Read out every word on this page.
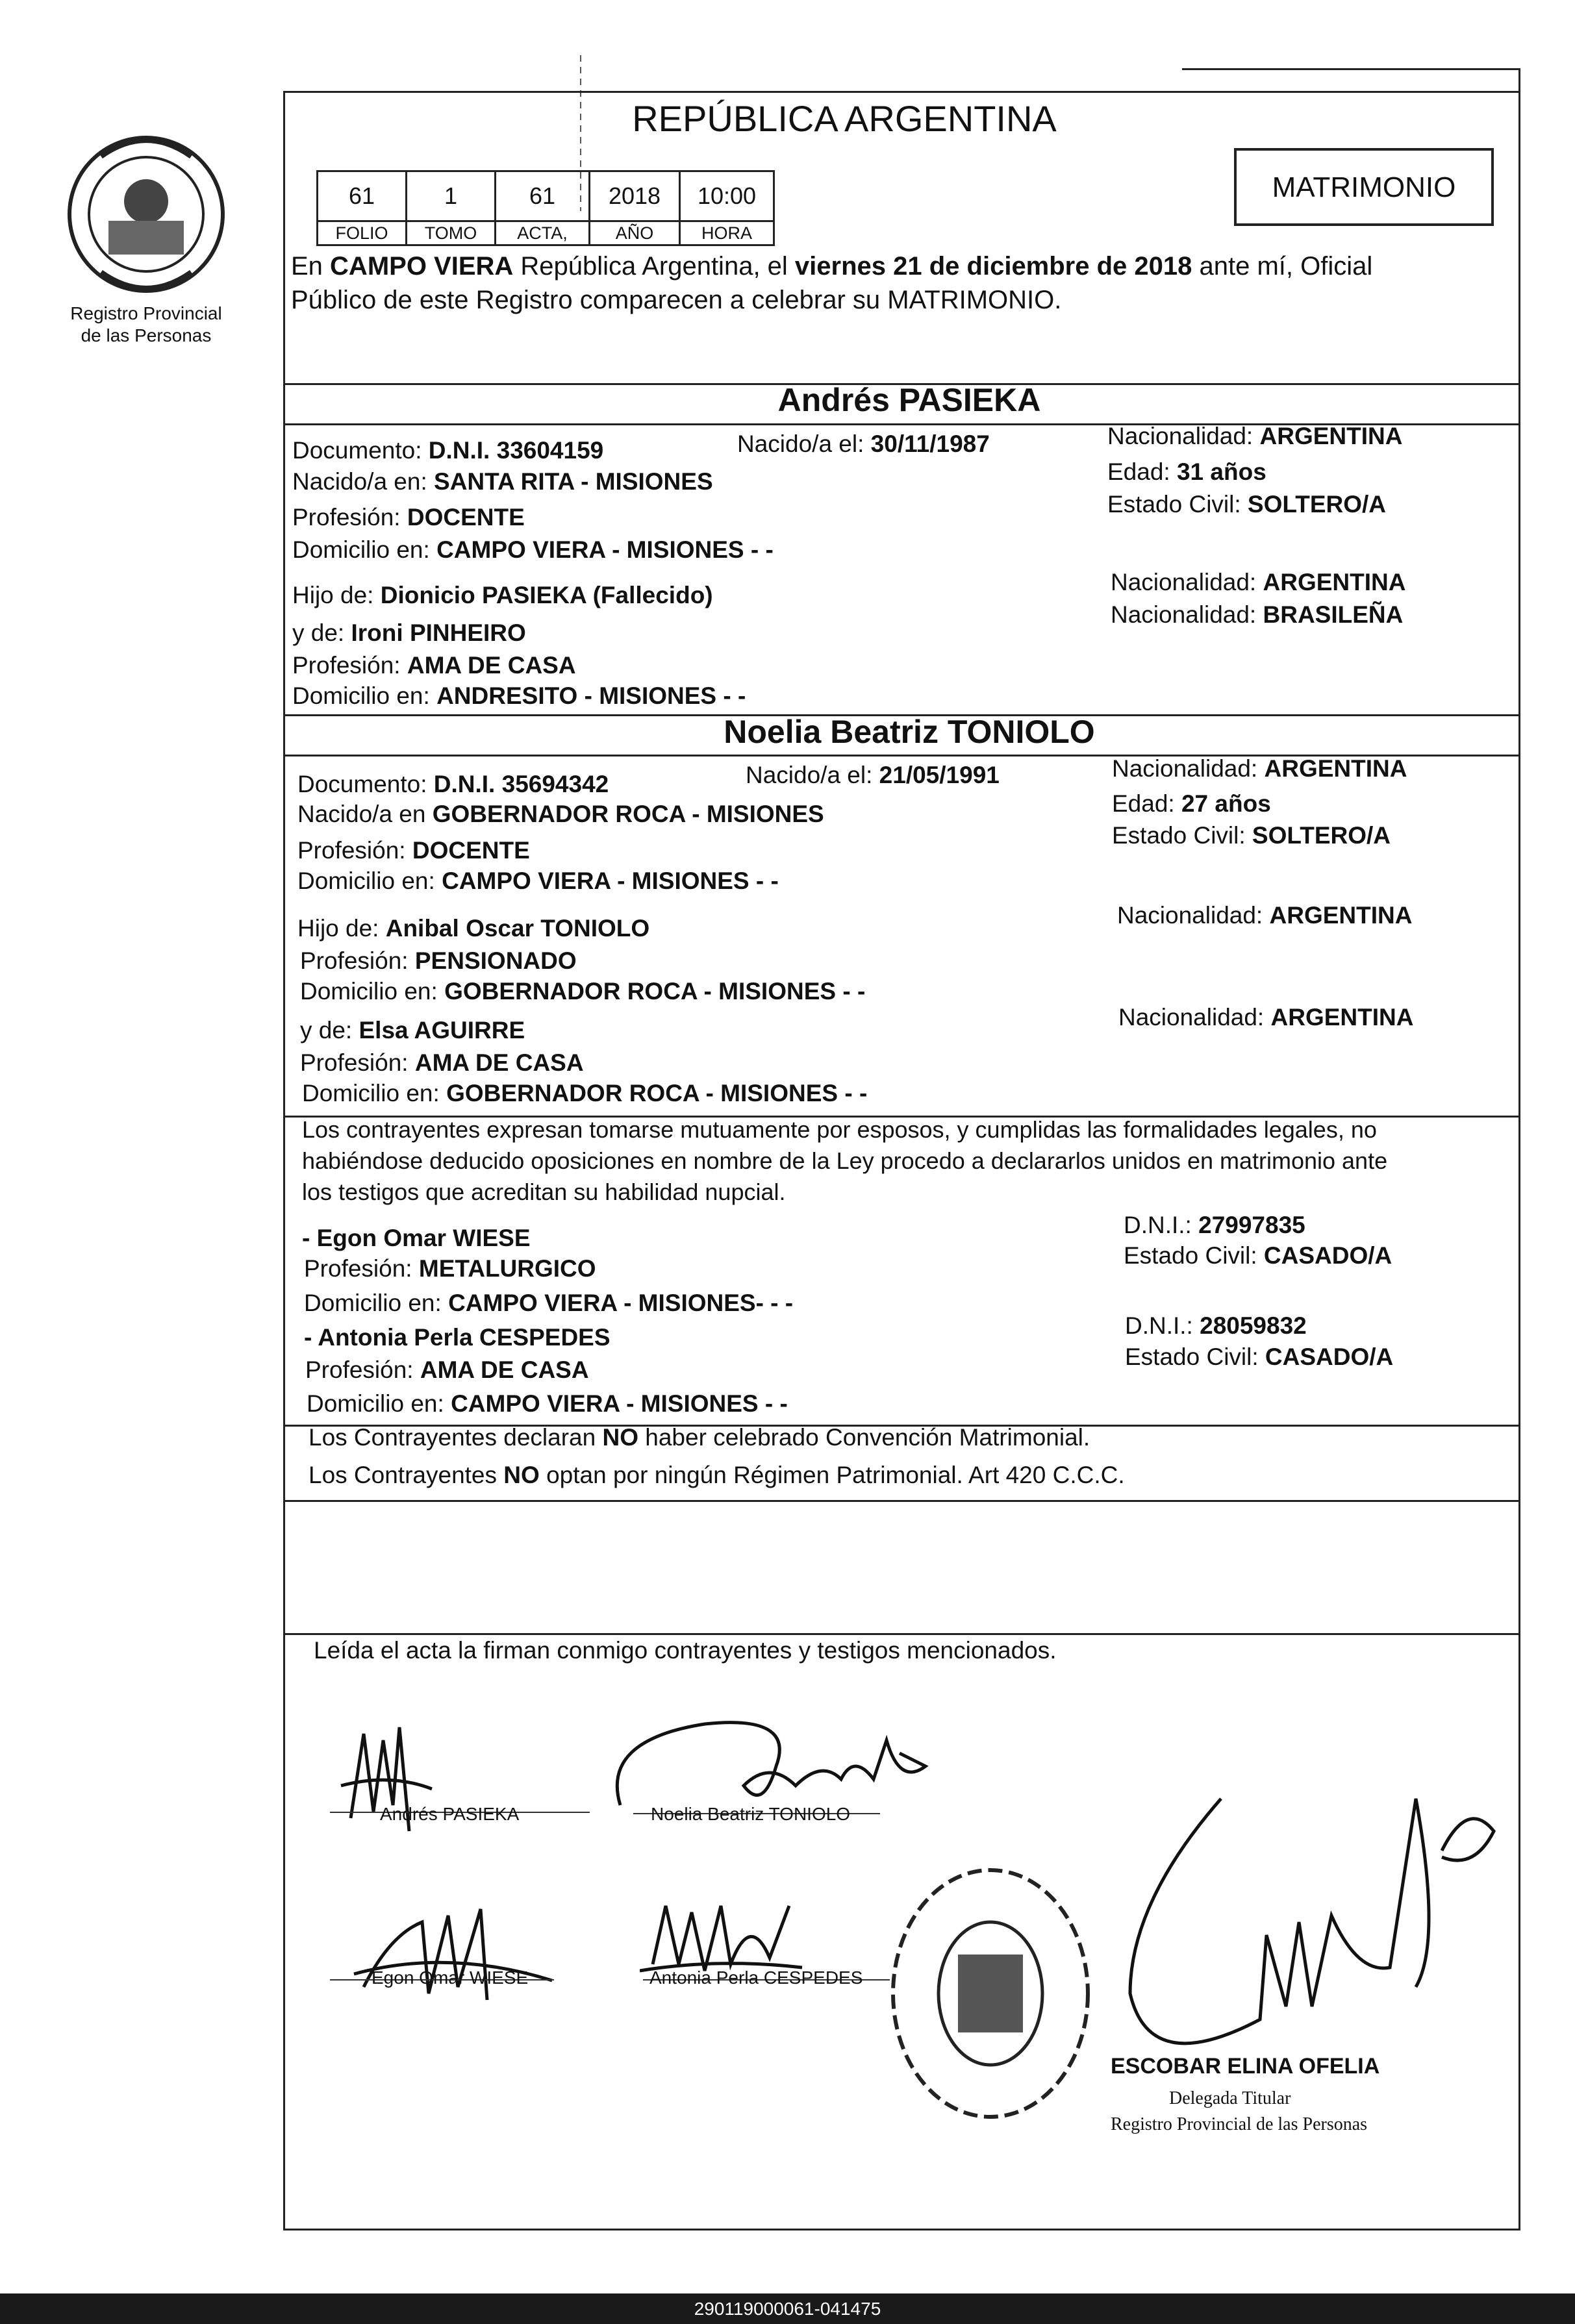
Registro Provincial
de las Personas
REPÚBLICA ARGENTINA
MATRIMONIO
61	1	61	2018	10:00
FOLIO	TOMO	ACTA,	AÑO	HORA
En CAMPO VIERA República Argentina, el viernes 21 de diciembre de 2018 ante mí, Oficial
Público de este Registro comparecen a celebrar su MATRIMONIO.
Andrés PASIEKA
Documento: D.N.I. 33604159	Nacido/a el: 30/11/1987	Nacionalidad: ARGENTINA
Nacido/a en: SANTA RITA - MISIONES	Edad: 31 años
Profesión: DOCENTE	Estado Civil: SOLTERO/A
Domicilio en: CAMPO VIERA - MISIONES - -
Hijo de: Dionicio PASIEKA (Fallecido)	Nacionalidad: ARGENTINA
y de: Ironi PINHEIRO
Nacionalidad: BRASILEÑA
Profesión: AMA DE CASA
Domicilio en: ANDRESITO - MISIONES - -
Noelia Beatriz TONIOLO
Documento: D.N.I. 35694342	Nacido/a el: 21/05/1991	Nacionalidad: ARGENTINA
Nacido/a en GOBERNADOR ROCA - MISIONES	Edad: 27 años
Profesión: DOCENTE
Estado Civil: SOLTERO/A
Domicilio en: CAMPO VIERA - MISIONES - -
Hijo de: Anibal Oscar TONIOLO	Nacionalidad: ARGENTINA
Profesión: PENSIONADO
Domicilio en: GOBERNADOR ROCA - MISIONES - -
y de: Elsa AGUIRRE	Nacionalidad: ARGENTINA
Profesión: AMA DE CASA
Domicilio en: GOBERNADOR ROCA - MISIONES - -
Los contrayentes expresan tomarse mutuamente por esposos, y cumplidas las formalidades legales, no
habiéndose deducido oposiciones en nombre de la Ley procedo a declararlos unidos en matrimonio ante
los testigos que acreditan su habilidad nupcial.
- Egon Omar WIESE	D.N.I.: 27997835
Profesión: METALURGICO	Estado Civil: CASADO/A
Domicilio en: CAMPO VIERA - MISIONES- - -
- Antonia Perla CESPEDES	D.N.I.: 28059832
Profesión: AMA DE CASA	Estado Civil: CASADO/A
Domicilio en: CAMPO VIERA - MISIONES - -
Los Contrayentes declaran NO haber celebrado Convención Matrimonial.
Los Contrayentes NO optan por ningún Régimen Patrimonial. Art 420 C.C.C.
Leída el acta la firman conmigo contrayentes y testigos mencionados.
Andrés PASIEKA	Noelia Beatriz TONIOLO
Egon Omar WIESE	Antonia Perla CESPEDES
ESCOBAR ELINA OFELIA
Delegada Titular
Registro Provincial de las Personas
290119000061-041475
